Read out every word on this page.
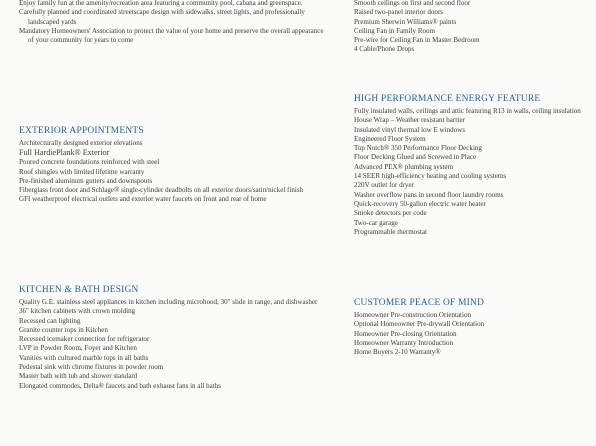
Enjoy family fun at the amenity/recreation area featuring a community pool, cabana and greenspace.
Carefully planned and coordinated streetscape design with sidewalks, street lights, and professionally landscaped yards
Mandatory Homeowners' Association to protect the value of your home and preserve the overall appearance of your community for years to come
EXTERIOR APPOINTMENTS
Architecturally designed exterior elevations
Full HardiePlank® Exterior
Poured concrete foundations reinforced with steel
Roof shingles with limited lifetime warranty
Pre-finished aluminum gutters and downspouts
Fiberglass front door and Schlage® single-cylinder deadbolts on all exterior doors/satin/nickel finish
GFI weatherproof electrical outlets and exterior water faucets on front and rear of home
KITCHEN & BATH DESIGN
Quality G.E. stainless steel appliances in kitchen including microhood, 30" slide in range, and dishwasher
36" kitchen cabinets with crown molding
Recessed can lighting
Granite counter tops in Kitchen
Recessed icemaker connection for refrigerator
LVP in Powder Room, Foyer and Kitchen
Vanities with cultured marble tops in all baths
Pedestal sink with chrome fixtures in powder room
Master bath with tub and shower standard
Elongated commodes, Delta® faucets and bath exhaust fans in all baths
Smooth ceilings on first and second floor
Raised two-panel interior doors
Premium Sherwin Williams® paints
Ceiling Fan in Family Room
Pre-wire for Ceiling Fan in Master Bedroom
4 Cable/Phone Drops
HIGH PERFORMANCE ENERGY FEATURE
Fully insulated walls, ceilings and attic featuring R13 in walls, ceiling insulation
House Wrap – Weather resistant barrier
Insulated vinyl thermal low E windows
Engineered Floor System
Top Notch® 350 Performance Floor Decking
Floor Decking Glued and Screwed in Place
Advanced PEX® plumbing system
14 SEER high-efficiency heating and cooling systems
220V outlet for dryer
Washer overflow pans in second floor laundry rooms
Quick-recovery 50-gallon electric water heater
Smoke detectors per code
Two-car garage
Programmable thermostat
CUSTOMER PEACE OF MIND
Homeowner Pre-construction Orientation
Optional Homeowner Pre-drywall Orientation
Homeowner Pre-closing Orientation
Homeowner Warranty Introduction
Home Buyers 2-10 Warranty®
